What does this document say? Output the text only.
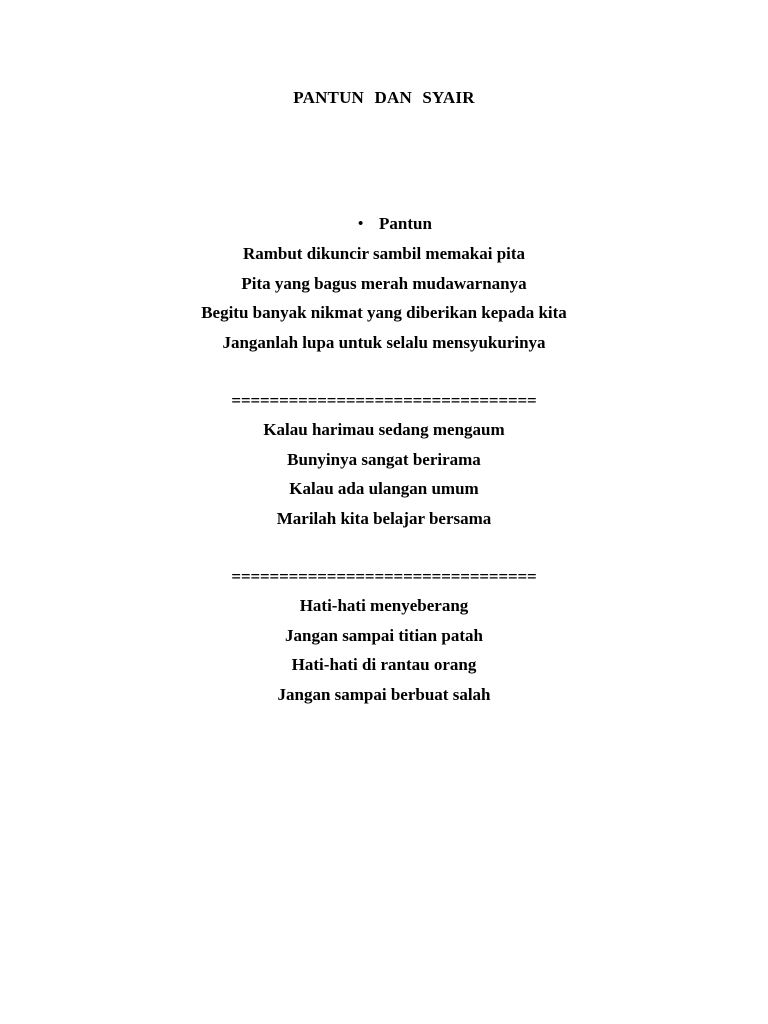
PANTUN DAN SYAIR
• Pantun
Rambut dikuncir sambil memakai pita
Pita yang bagus merah mudawarnanya
Begitu banyak nikmat yang diberikan kepada kita
Janganlah lupa untuk selalu mensyukurinya
================================
Kalau harimau sedang mengaum
Bunyinya sangat berirama
Kalau ada ulangan umum
Marilah kita belajar bersama
================================
Hati-hati menyeberang
Jangan sampai titian patah
Hati-hati di rantau orang
Jangan sampai berbuat salah
